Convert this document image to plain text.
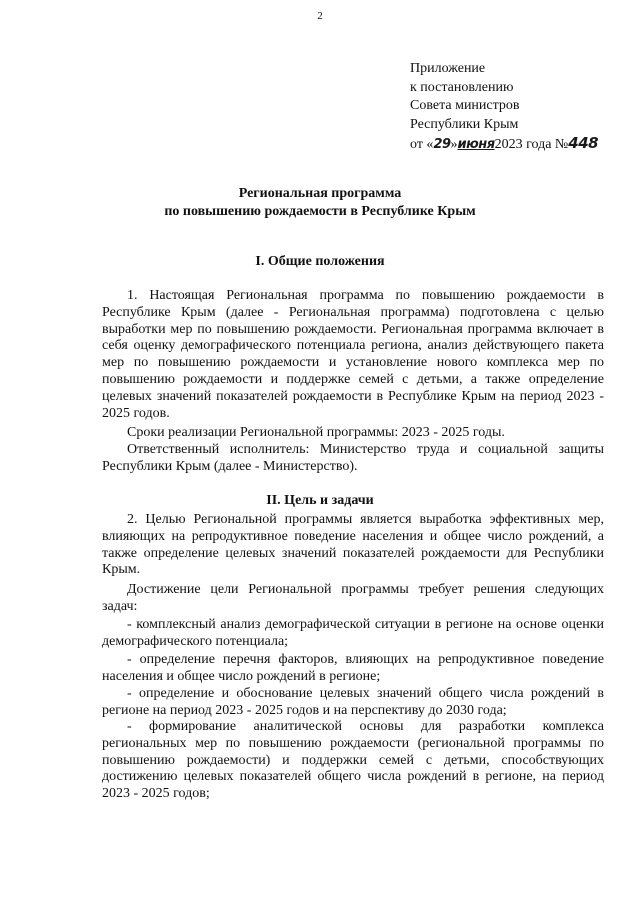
2
Приложение
к постановлению
Совета министров
Республики Крым
от «29»июня2023 года №448
Региональная программа
по повышению рождаемости в Республике Крым
I. Общие положения
1. Настоящая Региональная программа по повышению рождаемости в Республике Крым (далее - Региональная программа) подготовлена с целью выработки мер по повышению рождаемости. Региональная программа включает в себя оценку демографического потенциала региона, анализ действующего пакета мер по повышению рождаемости и установление нового комплекса мер по повышению рождаемости и поддержке семей с детьми, а также определение целевых значений показателей рождаемости в Республике Крым на период 2023 - 2025 годов.
Сроки реализации Региональной программы: 2023 - 2025 годы.
Ответственный исполнитель: Министерство труда и социальной защиты Республики Крым (далее - Министерство).
II. Цель и задачи
2. Целью Региональной программы является выработка эффективных мер, влияющих на репродуктивное поведение населения и общее число рождений, а также определение целевых значений показателей рождаемости для Республики Крым.
Достижение цели Региональной программы требует решения следующих задач:
- комплексный анализ демографической ситуации в регионе на основе оценки демографического потенциала;
- определение перечня факторов, влияющих на репродуктивное поведение населения и общее число рождений в регионе;
- определение и обоснование целевых значений общего числа рождений в регионе на период 2023 - 2025 годов и на перспективу до 2030 года;
- формирование аналитической основы для разработки комплекса региональных мер по повышению рождаемости (региональной программы по повышению рождаемости) и поддержки семей с детьми, способствующих достижению целевых показателей общего числа рождений в регионе, на период 2023 - 2025 годов;
